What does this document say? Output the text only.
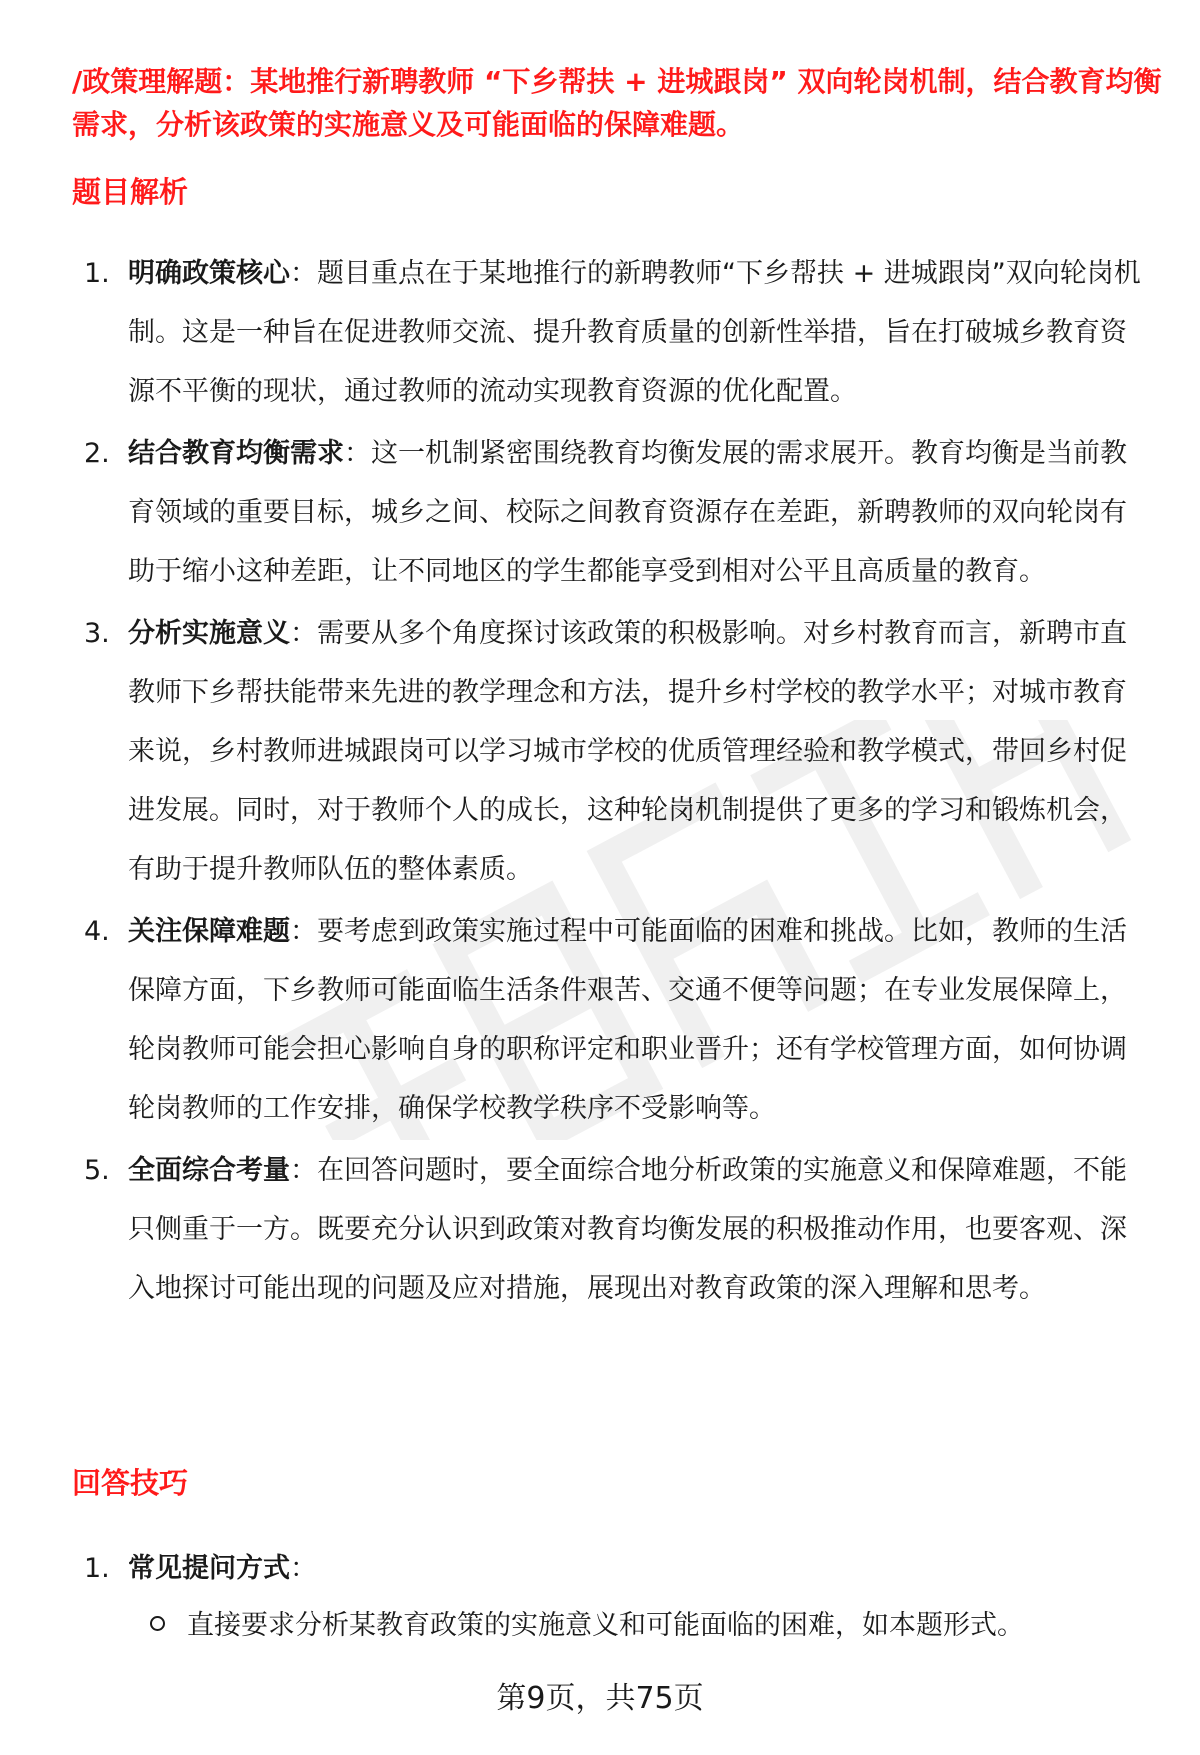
/政策理解题：某地推行新聘教师 “下乡帮扶 + 进城跟岗” 双向轮岗机制，结合教育均衡需求，分析该政策的实施意义及可能面临的保障难题。
题目解析
1. 明确政策核心：题目重点在于某地推行的新聘教师“下乡帮扶 + 进城跟岗”双向轮岗机制。这是一种旨在促进教师交流、提升教育质量的创新性举措，旨在打破城乡教育资源不平衡的现状，通过教师的流动实现教育资源的优化配置。
2. 结合教育均衡需求：这一机制紧密围绕教育均衡发展的需求展开。教育均衡是当前教育领域的重要目标，城乡之间、校际之间教育资源存在差距，新聘教师的双向轮岗有助于缩小这种差距，让不同地区的学生都能享受到相对公平且高质量的教育。
3. 分析实施意义：需要从多个角度探讨该政策的积极影响。对乡村教育而言，新聘市直教师下乡帮扶能带来先进的教学理念和方法，提升乡村学校的教学水平；对城市教育来说，乡村教师进城跟岗可以学习城市学校的优质管理经验和教学模式，带回乡村促进发展。同时，对于教师个人的成长，这种轮岗机制提供了更多的学习和锻炼机会，有助于提升教师队伍的整体素质。
4. 关注保障难题：要考虑到政策实施过程中可能面临的困难和挑战。比如，教师的生活保障方面，下乡教师可能面临生活条件艰苦、交通不便等问题；在专业发展保障上，轮岗教师可能会担心影响自身的职称评定和职业晋升；还有学校管理方面，如何协调轮岗教师的工作安排，确保学校教学秩序不受影响等。
5. 全面综合考量：在回答问题时，要全面综合地分析政策的实施意义和保障难题，不能只侧重于一方。既要充分认识到政策对教育均衡发展的积极推动作用，也要客观、深入地探讨可能出现的问题及应对措施，展现出对教育政策的深入理解和思考。
回答技巧
1. 常见提问方式：
直接要求分析某教育政策的实施意义和可能面临的困难，如本题形式。
第9页，共75页
